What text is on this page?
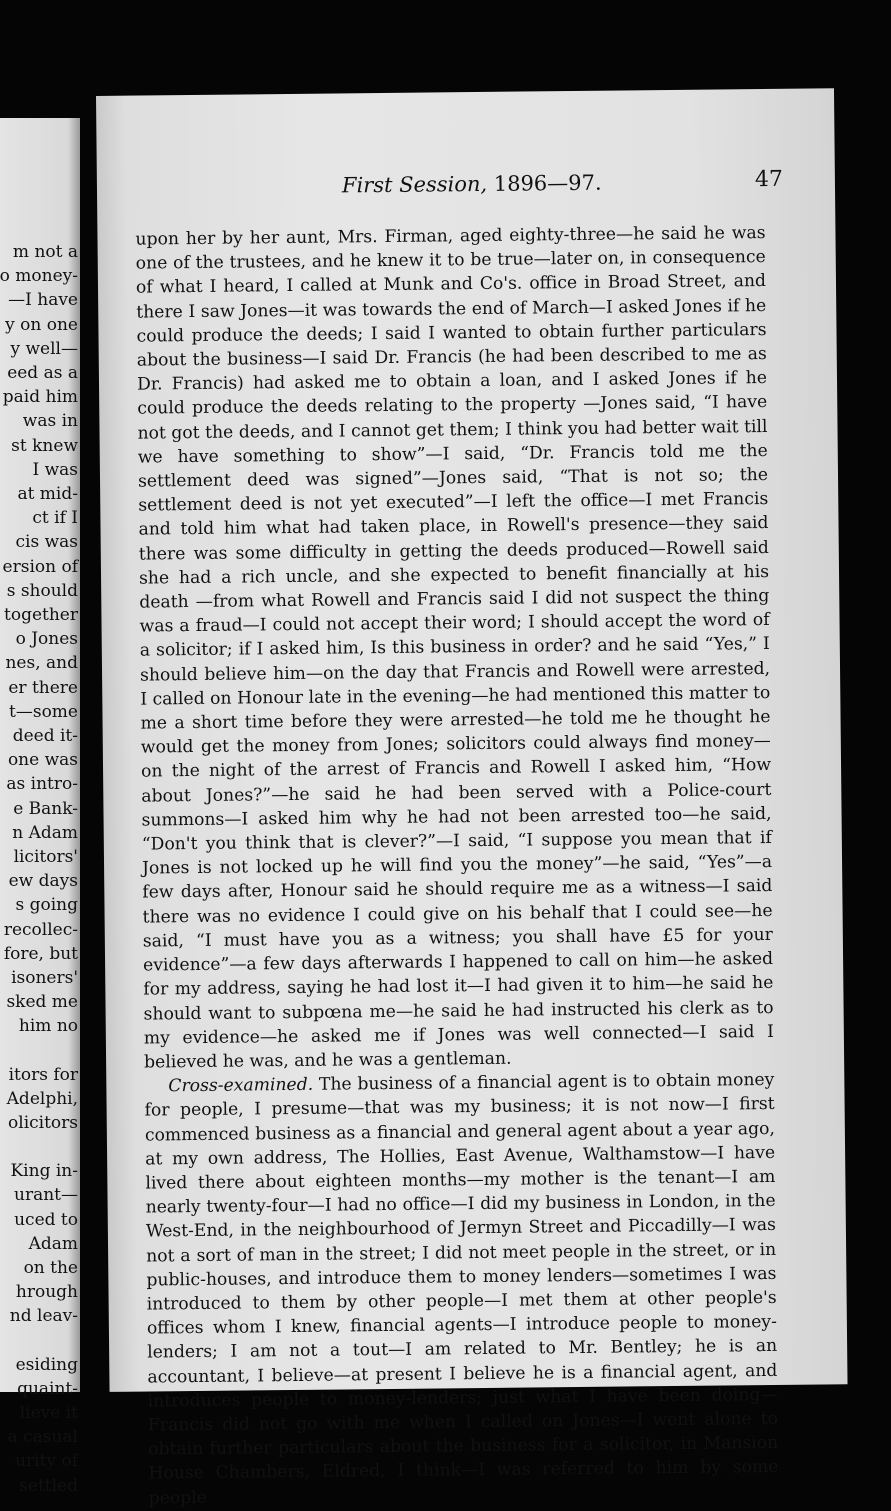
m not a
o money-
—I have
y on one
y well—
eed as a
paid him
was in
st knew
I was
at mid-
ct if I
cis was
ersion of
s should
together
o Jones
nes, and
er there
t—some
deed it-
one was
as intro-
e Bank-
n Adam
licitors'
ew days
s going
recollec-
fore, but
isoners'
sked me
him no
itors for
Adelphi,
olicitors
King in-
urant—
uced to
Adam
on the
hrough
nd leav-
esiding
quaint-
lieve it
a casual
urity of
settled
First Session, 1896—97.	47

upon her by her aunt, Mrs. Firman, aged eighty-three—he said he was one of the trustees, and he knew it to be true—later on, in consequence of what I heard, I called at Munk and Co's. office in Broad Street, and there I saw Jones—it was towards the end of March—I asked Jones if he could produce the deeds; I said I wanted to obtain further particulars about the business—I said Dr. Francis (he had been described to me as Dr. Francis) had asked me to obtain a loan, and I asked Jones if he could produce the deeds relating to the property —Jones said, “I have not got the deeds, and I cannot get them; I think you had better wait till we have something to show”—I said, “Dr. Francis told me the settlement deed was signed”—Jones said, “That is not so; the settlement deed is not yet executed”—I left the office—I met Francis and told him what had taken place, in Rowell's presence—they said there was some difficulty in getting the deeds produced—Rowell said she had a rich uncle, and she expected to benefit financially at his death —from what Rowell and Francis said I did not suspect the thing was a fraud—I could not accept their word; I should accept the word of a solicitor; if I asked him, Is this business in order? and he said “Yes,” I should believe him—on the day that Francis and Rowell were arrested, I called on Honour late in the evening—he had mentioned this matter to me a short time before they were arrested—he told me he thought he would get the money from Jones; solicitors could always find money—on the night of the arrest of Francis and Rowell I asked him, “How about Jones?”—he said he had been served with a Police-court summons—I asked him why he had not been arrested too—he said, “Don't you think that is clever?”—I said, “I suppose you mean that if Jones is not locked up he will find you the money”—he said, “Yes”—a few days after, Honour said he should require me as a witness—I said there was no evidence I could give on his behalf that I could see—he said, “I must have you as a witness; you shall have £5 for your evidence”—a few days afterwards I happened to call on him—he asked for my address, saying he had lost it—I had given it to him—he said he should want to subpœna me—he said he had instructed his clerk as to my evidence—he asked me if Jones was well connected—I said I believed he was, and he was a gentleman.

Cross-examined. The business of a financial agent is to obtain money for people, I presume—that was my business; it is not now—I first commenced business as a financial and general agent about a year ago, at my own address, The Hollies, East Avenue, Walthamstow—I have lived there about eighteen months—my mother is the tenant—I am nearly twenty-four—I had no office—I did my business in London, in the West-End, in the neighbourhood of Jermyn Street and Piccadilly—I was not a sort of man in the street; I did not meet people in the street, or in public-houses, and introduce them to money lenders—sometimes I was introduced to them by other people—I met them at other people's offices whom I knew, financial agents—I introduce people to money-lenders; I am not a tout—I am related to Mr. Bentley; he is an accountant, I believe—at present I believe he is a financial agent, and introduces people to money-lenders; just what I have been doing—Francis did not go with me when I called on Jones—I went alone to obtain further particulars about the business for a solicitor, in Mansion House Chambers, Eldred, I think—I was referred to him by some people
